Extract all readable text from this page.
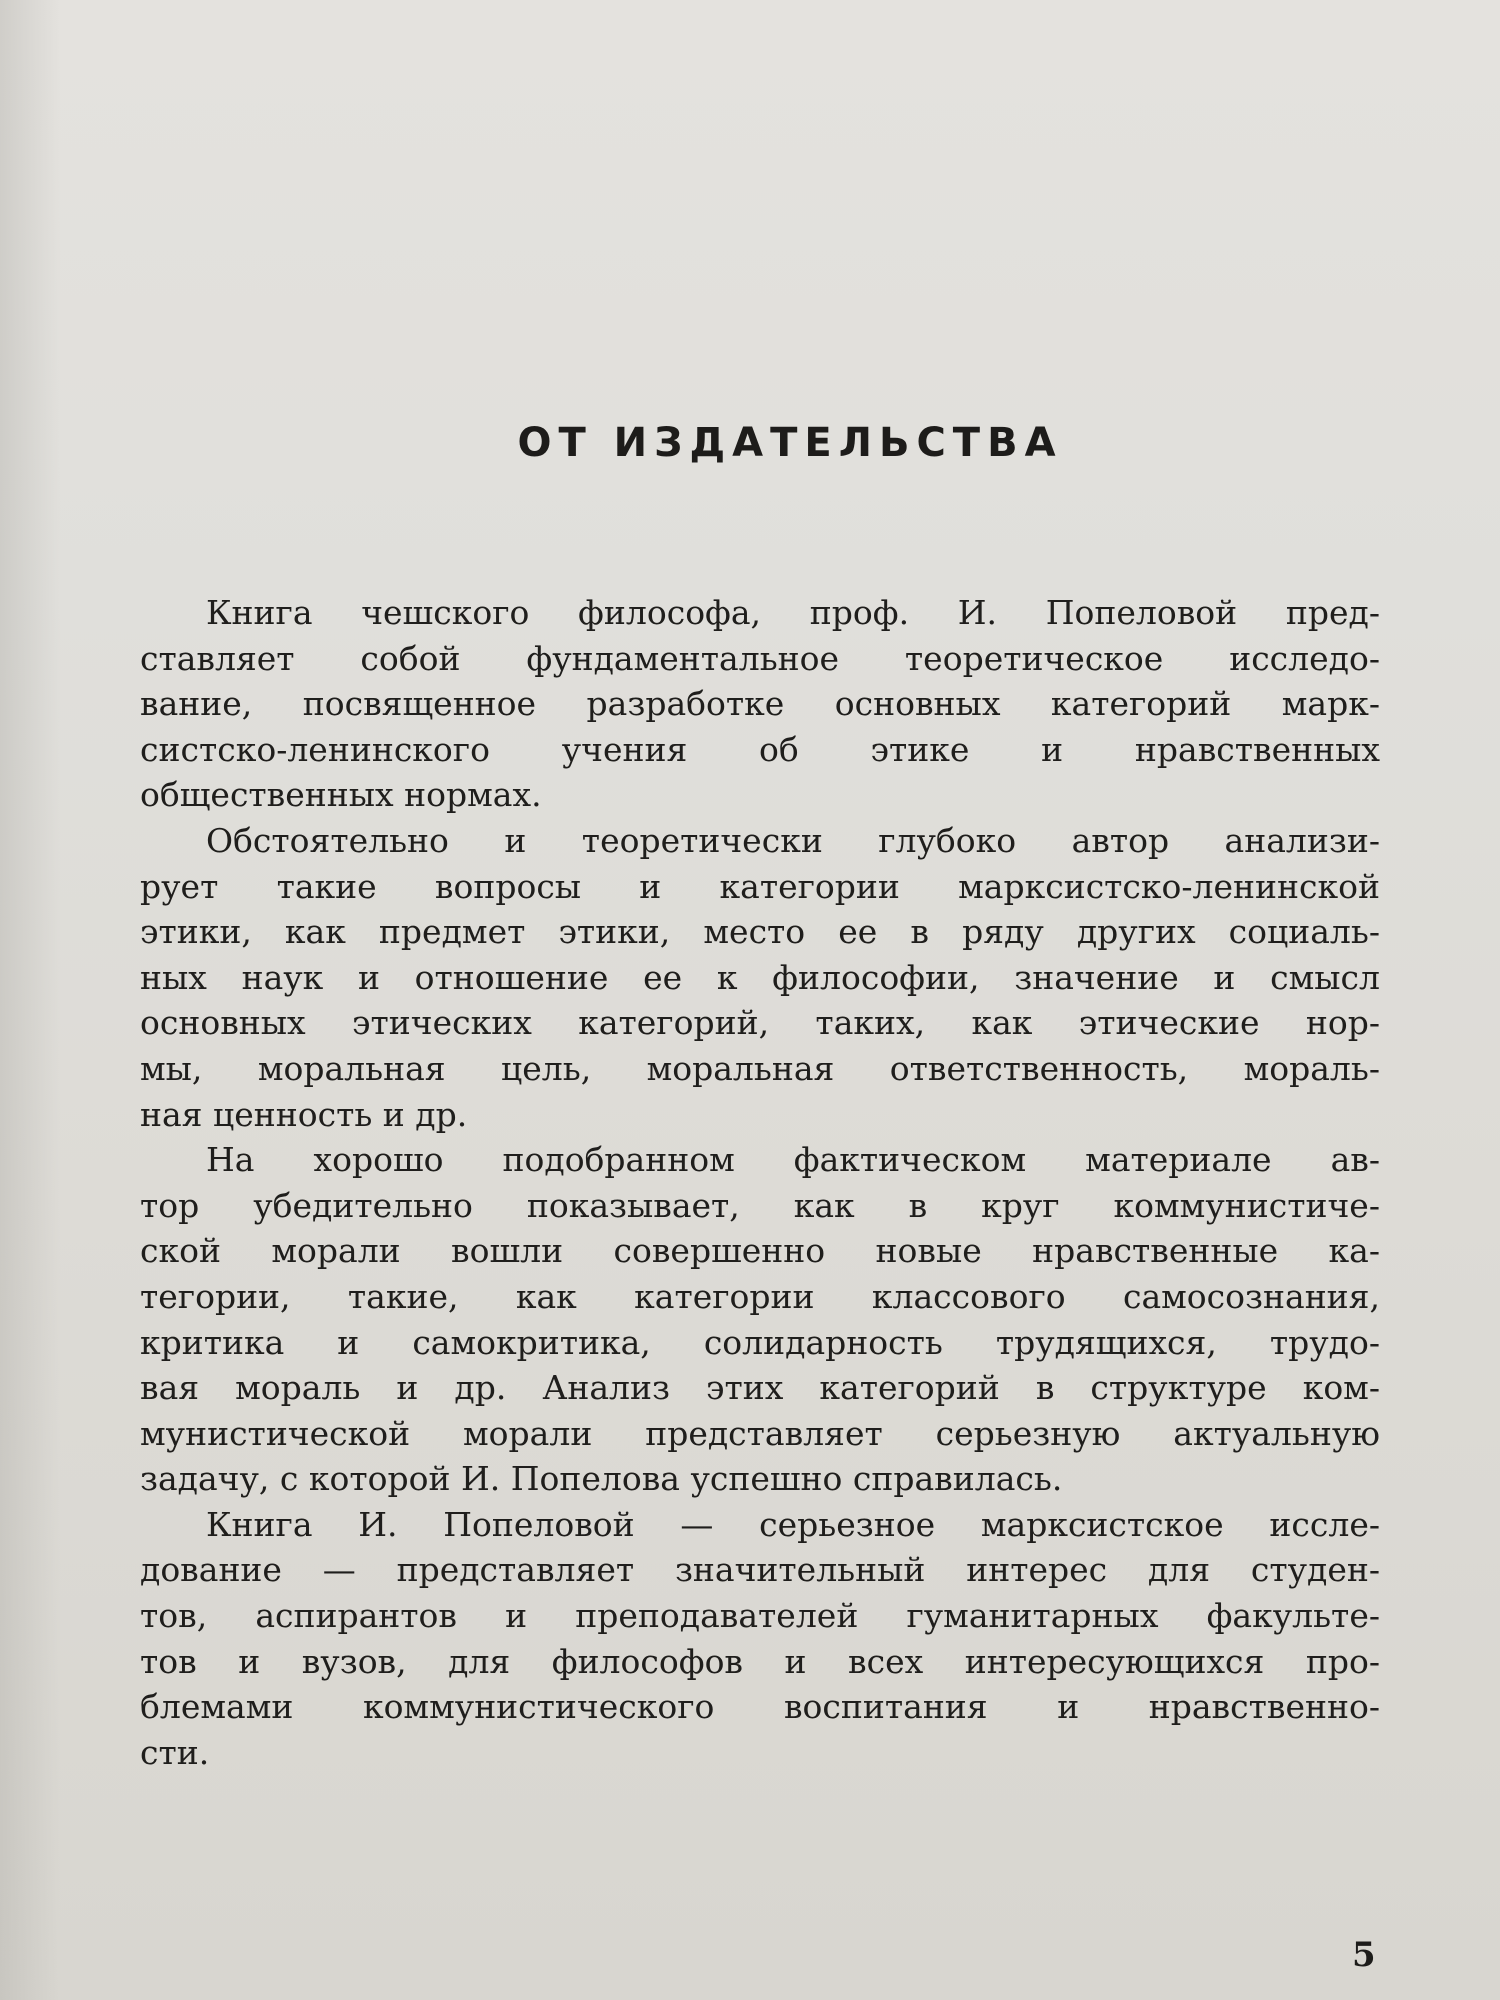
ОТ ИЗДАТЕЛЬСТВА
Книга чешского философа, проф. И. Попеловой пред-
ставляет собой фундаментальное теоретическое исследо-
вание, посвященное разработке основных категорий марк-
систско-ленинского учения об этике и нравственных
общественных нормах.
Обстоятельно и теоретически глубоко автор анализи-
рует такие вопросы и категории марксистско-ленинской
этики, как предмет этики, место ее в ряду других социаль-
ных наук и отношение ее к философии, значение и смысл
основных этических категорий, таких, как этические нор-
мы, моральная цель, моральная ответственность, мораль-
ная ценность и др.
На хорошо подобранном фактическом материале ав-
тор убедительно показывает, как в круг коммунистиче-
ской морали вошли совершенно новые нравственные ка-
тегории, такие, как категории классового самосознания,
критика и самокритика, солидарность трудящихся, трудо-
вая мораль и др. Анализ этих категорий в структуре ком-
мунистической морали представляет серьезную актуальную
задачу, с которой И. Попелова успешно справилась.
Книга И. Попеловой — серьезное марксистское иссле-
дование — представляет значительный интерес для студен-
тов, аспирантов и преподавателей гуманитарных факульте-
тов и вузов, для философов и всех интересующихся про-
блемами коммунистического воспитания и нравственно-
сти.
5
